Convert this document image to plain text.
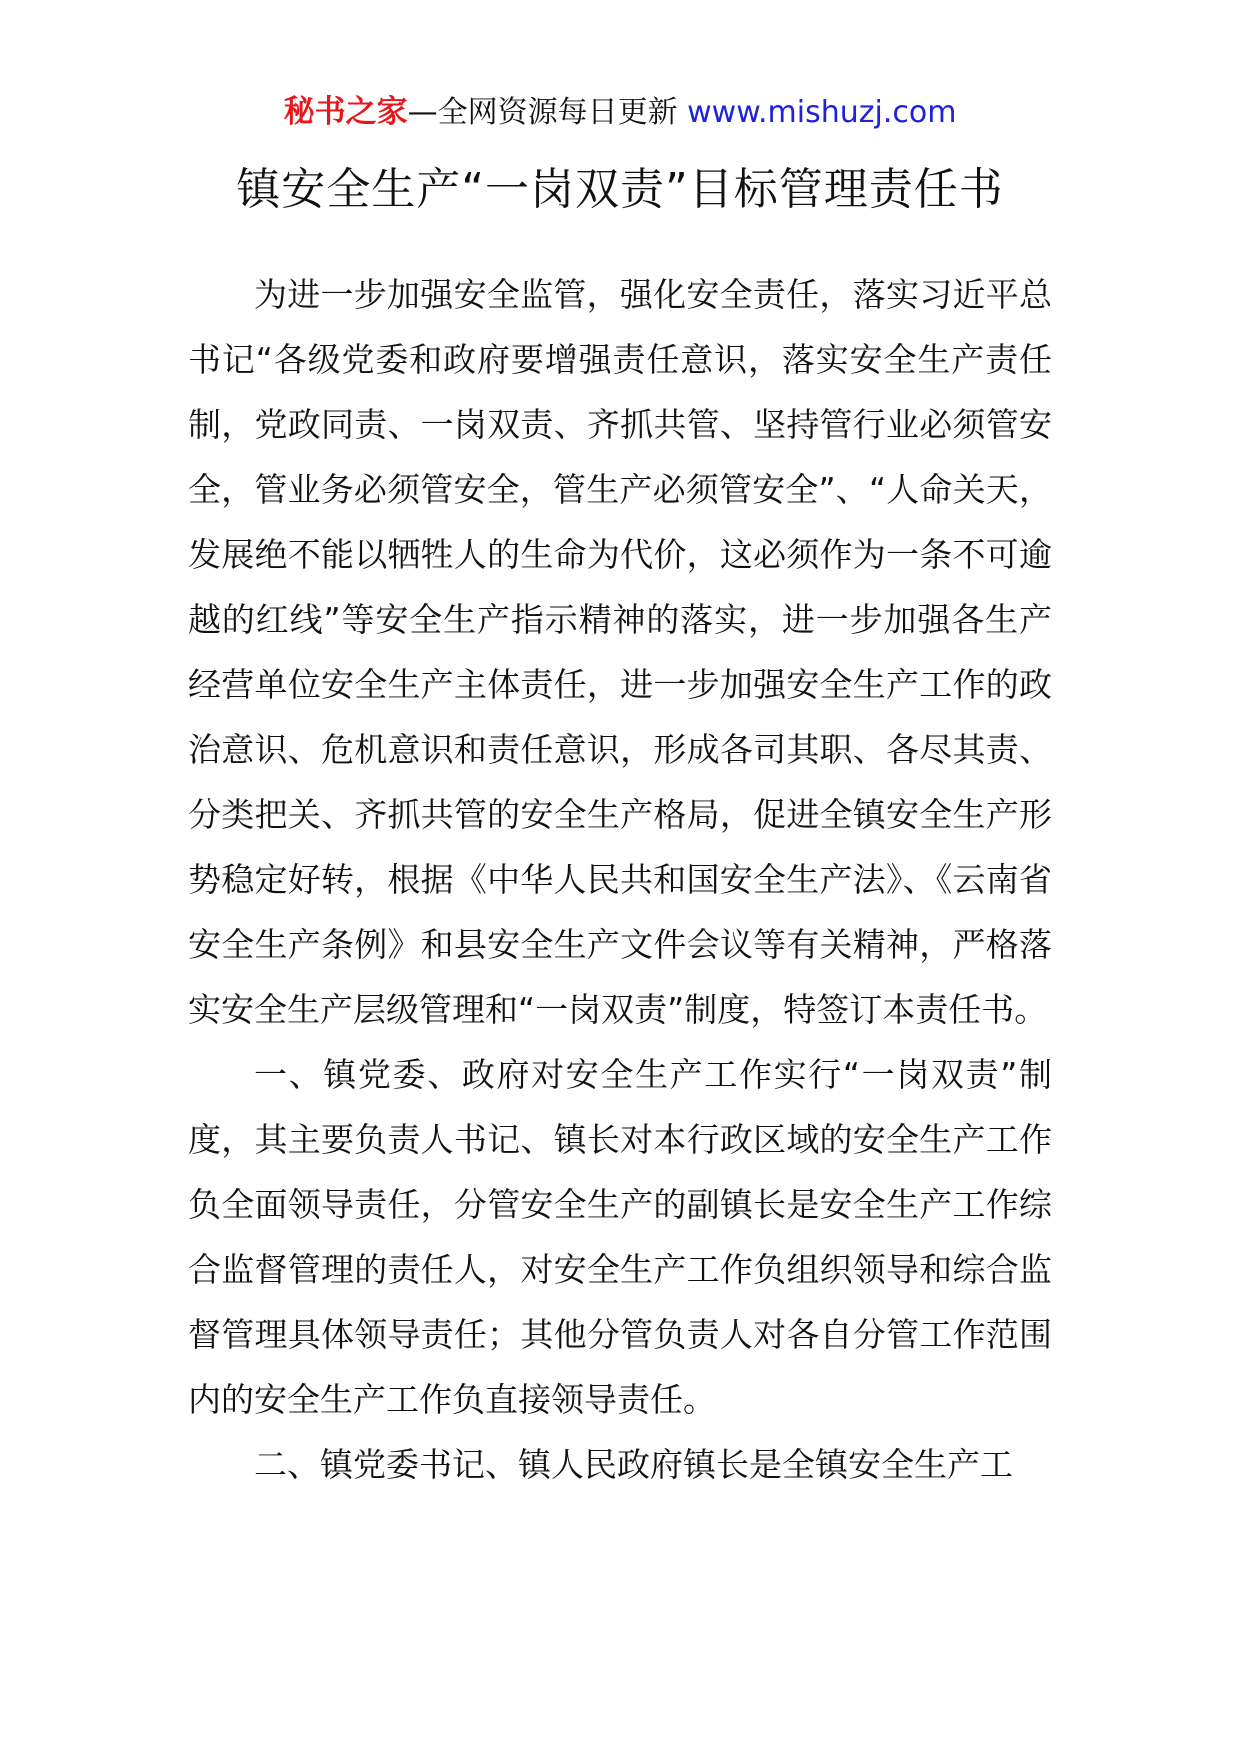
秘书之家—全网资源每日更新 www.mishuzj.com
镇安全生产“一岗双责”目标管理责任书

为进一步加强安全监管，强化安全责任，落实习近平总书记“各级党委和政府要增强责任意识，落实安全生产责任制，党政同责、一岗双责、齐抓共管、坚持管行业必须管安全，管业务必须管安全，管生产必须管安全”、“人命关天，发展绝不能以牺牲人的生命为代价，这必须作为一条不可逾越的红线”等安全生产指示精神的落实，进一步加强各生产经营单位安全生产主体责任，进一步加强安全生产工作的政治意识、危机意识和责任意识，形成各司其职、各尽其责、分类把关、齐抓共管的安全生产格局，促进全镇安全生产形势稳定好转，根据《中华人民共和国安全生产法》、《云南省安全生产条例》和县安全生产文件会议等有关精神，严格落实安全生产层级管理和“一岗双责”制度，特签订本责任书。

一、镇党委、政府对安全生产工作实行“一岗双责”制度，其主要负责人书记、镇长对本行政区域的安全生产工作负全面领导责任，分管安全生产的副镇长是安全生产工作综合监督管理的责任人，对安全生产工作负组织领导和综合监督管理具体领导责任；其他分管负责人对各自分管工作范围内的安全生产工作负直接领导责任。

二、镇党委书记、镇人民政府镇长是全镇安全生产工
